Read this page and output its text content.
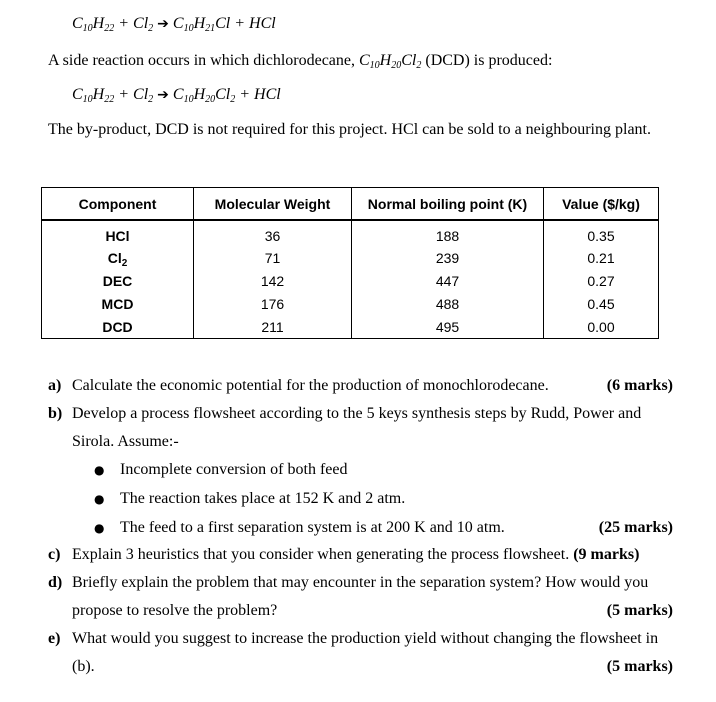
$C_{10}H_{22} + Cl_2$ ➔ $C_{10}H_{21}Cl$ + HCl
A side reaction occurs in which dichlorodecane, $C_{10}H_{20}Cl_2$ (DCD) is produced:
$C_{10}H_{22} + Cl_2$ ➔ $C_{10}H_{20}Cl_2$ + HCl
The by-product, DCD is not required for this project. HCl can be sold to a neighbouring plant.
Component	Molecular Weight	Normal boiling point (K)	Value ($/kg)
HCl	36	188	0.35
$Cl_2$	71	239	0.21
DEC	142	447	0.27
MCD	176	488	0.45
DCD	211	495	0.00
a) Calculate the economic potential for the production of monochlorodecane.	(6 marks)
b) Develop a process flowsheet according to the 5 keys synthesis steps by Rudd, Power and
Sirola. Assume:-
● Incomplete conversion of both feed
● The reaction takes place at 152 K and 2 atm.
● The feed to a first separation system is at 200 K and 10 atm.
	(25 marks)
c) Explain 3 heuristics that you consider when generating the process flowsheet. (9 marks)
d) Briefly explain the problem that may encounter in the separation system? How would you
propose to resolve the problem?	(5 marks)
e) What would you suggest to increase the production yield without changing the flowsheet in
(b).	(5 marks)
